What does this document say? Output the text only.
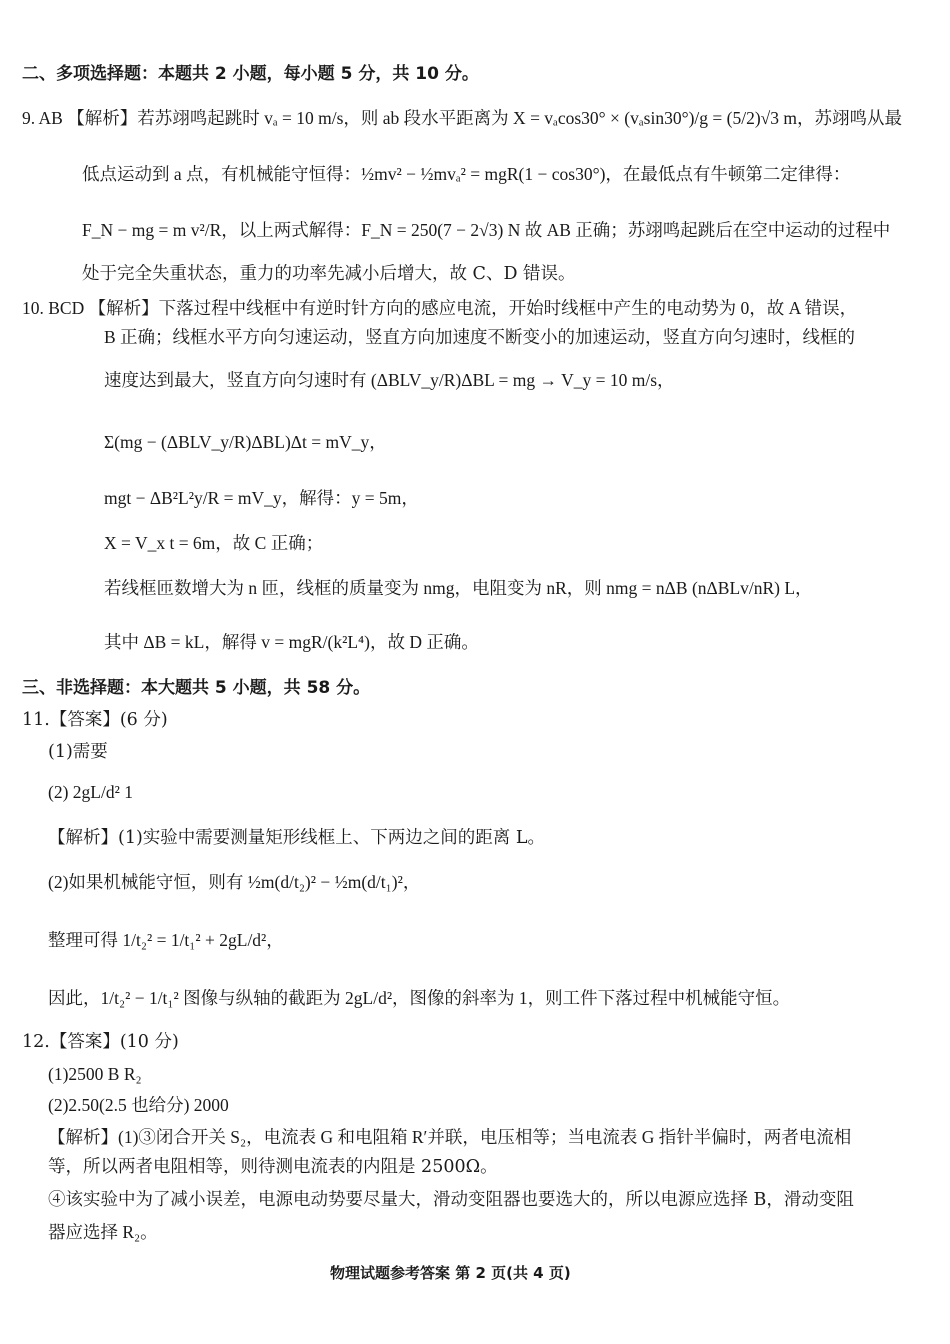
二、多项选择题：本题共 2 小题，每小题 5 分，共 10 分。
9. AB 【解析】若苏翊鸣起跳时 vₐ = 10 m/s，则 ab 段水平距离为 X = vₐcos30° × (vₐsin30°)/g = (5/2)√3 m，苏翊鸣从最
低点运动到 a 点，有机械能守恒得：½mv² − ½mvₐ² = mgR(1 − cos30°)，在最低点有牛顿第二定律得：
F_N − mg = m v²/R，以上两式解得：F_N = 250(7 − 2√3) N 故 AB 正确；苏翊鸣起跳后在空中运动的过程中
处于完全失重状态，重力的功率先减小后增大，故 C、D 错误。
10. BCD 【解析】下落过程中线框中有逆时针方向的感应电流，开始时线框中产生的电动势为 0，故 A 错误，
B 正确；线框水平方向匀速运动，竖直方向加速度不断变小的加速运动，竖直方向匀速时，线框的
速度达到最大，竖直方向匀速时有 (ΔBLV_y/R)ΔBL = mg → V_y = 10 m/s，
Σ(mg − (ΔBLV_y/R)ΔBL)Δt = mV_y，
mgt − ΔB²L²y/R = mV_y，解得：y = 5m，
X = V_x t = 6m，故 C 正确；
若线框匝数增大为 n 匝，线框的质量变为 nmg，电阻变为 nR，则 nmg = nΔB (nΔBLv/nR) L，
其中 ΔB = kL，解得 v = mgR/(k²L⁴)，故 D 正确。
三、非选择题：本大题共 5 小题，共 58 分。
11.【答案】(6 分)
(1)需要
(2) 2gL/d² 1
【解析】(1)实验中需要测量矩形线框上、下两边之间的距离 L。
(2)如果机械能守恒，则有 ½m(d/t₂)² − ½m(d/t₁)²，
整理可得 1/t₂² = 1/t₁² + 2gL/d²，
因此，1/t₂² − 1/t₁² 图像与纵轴的截距为 2gL/d²，图像的斜率为 1，则工件下落过程中机械能守恒。
12.【答案】(10 分)
(1)2500 B R₂
(2)2.50(2.5 也给分) 2000
【解析】(1)③闭合开关 S₂，电流表 G 和电阻箱 R′并联，电压相等；当电流表 G 指针半偏时，两者电流相
等，所以两者电阻相等，则待测电流表的内阻是 2500Ω。
④该实验中为了减小误差，电源电动势要尽量大，滑动变阻器也要选大的，所以电源应选择 B，滑动变阻
器应选择 R₂。
物理试题参考答案 第 2 页(共 4 页)
